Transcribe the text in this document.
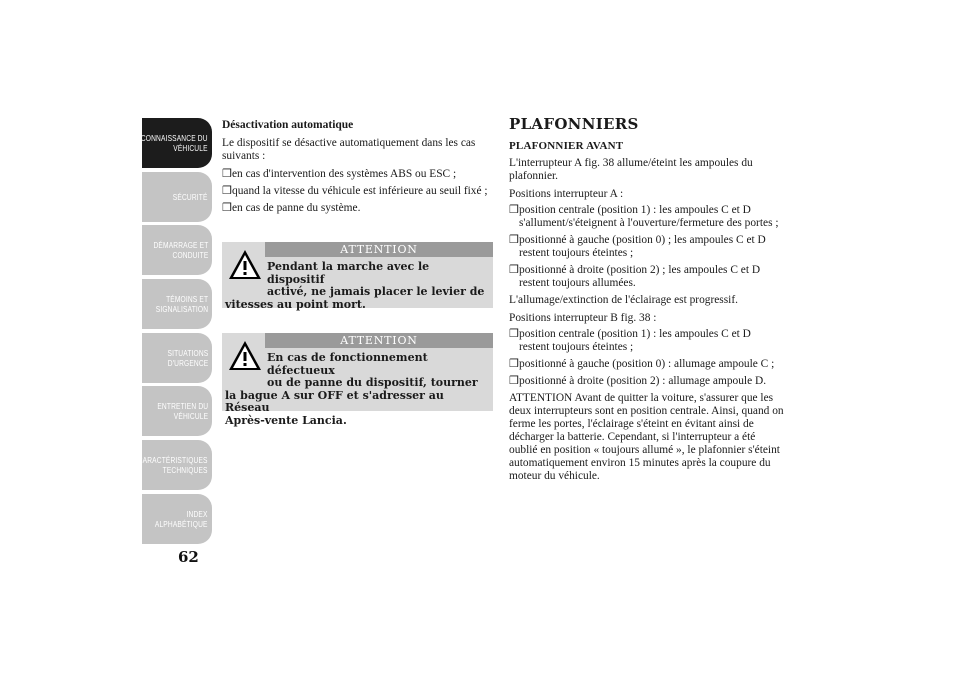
CONNAISSANCE DU
VÉHICULE
SÉCURITÉ
DÉMARRAGE ET
CONDUITE
TÉMOINS ET
SIGNALISATION
SITUATIONS
D'URGENCE
ENTRETIEN DU
VÉHICULE
CARACTÉRISTIQUES
TECHNIQUES
INDEX
ALPHABÉTIQUE
62
Désactivation automatique
Le dispositif se désactive automatiquement dans les cas suivants :
❒ en cas d'intervention des systèmes ABS ou ESC ;
❒ quand la vitesse du véhicule est inférieure au seuil fixé ;
❒ en cas de panne du système.
ATTENTION
Pendant la marche avec le dispositif
activé, ne jamais placer le levier de
vitesses au point mort.
ATTENTION
En cas de fonctionnement défectueux
ou de panne du dispositif, tourner
la bague A sur OFF et s'adresser au Réseau
Après-vente Lancia.
PLAFONNIERS
PLAFONNIER AVANT
L'interrupteur A fig. 38 allume/éteint les ampoules du plafonnier.
Positions interrupteur A :
❒ position centrale (position 1) : les ampoules C et D s'allument/s'éteignent à l'ouverture/fermeture des portes ;
❒ positionné à gauche (position 0) ; les ampoules C et D restent toujours éteintes ;
❒ positionné à droite (position 2) ; les ampoules C et D restent toujours allumées.
L'allumage/extinction de l'éclairage est progressif.
Positions interrupteur B fig. 38 :
❒ position centrale (position 1) : les ampoules C et D restent toujours éteintes ;
❒ positionné à gauche (position 0) : allumage ampoule C ;
❒ positionné à droite (position 2) : allumage ampoule D.
ATTENTION Avant de quitter la voiture, s'assurer que les deux interrupteurs sont en position centrale. Ainsi, quand on ferme les portes, l'éclairage s'éteint en évitant ainsi de décharger la batterie. Cependant, si l'interrupteur a été oublié en position « toujours allumé », le plafonnier s'éteint automatiquement environ 15 minutes après la coupure du moteur du véhicule.
